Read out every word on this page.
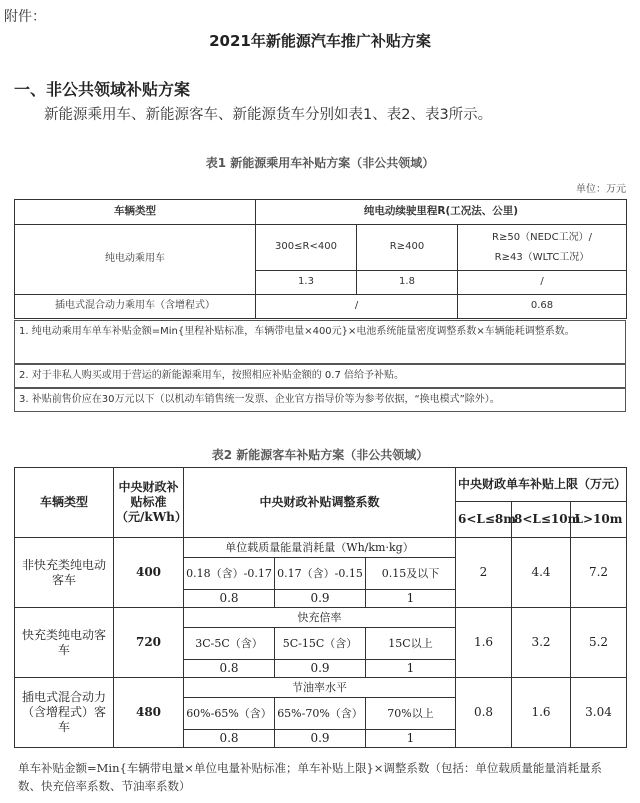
附件：
2021年新能源汽车推广补贴方案
一、非公共领域补贴方案
新能源乘用车、新能源客车、新能源货车分别如表1、表2、表3所示。
表1 新能源乘用车补贴方案（非公共领域）
单位：万元
车辆类型	纯电动续驶里程R(工况法、公里)		
纯电动乘用车	300≤R<400	R≥400	R≥50（NEDC工况）/
R≥43（WLTC工况）

	1.3	1.8	/
插电式混合动力乘用车（含增程式）	/		0.68
1. 纯电动乘用车单车补贴金额=Min{里程补贴标准，车辆带电量×400元}×电池系统能量密度调整系数×车辆能耗调整系数。
2. 对于非私人购买或用于营运的新能源乘用车，按照相应补贴金额的 0.7 倍给予补贴。
3. 补贴前售价应在30万元以下（以机动车销售统一发票、企业官方指导价等为参考依据，“换电模式”除外）。
表2 新能源客车补贴方案（非公共领域）
车辆类型	中央财政补贴标准（元/kWh）	中央财政补贴调整系数			中央财政单车补贴上限（万元）		
					6<L≤8m	8<L≤10m	L>10m
非快充类纯电动客车	400	单位载质量能量消耗量（Wh/km·kg）			2	4.4	7.2
		0.18（含）-0.17	0.17（含）-0.15	0.15及以下			
		0.8	0.9	1			
快充类纯电动客车	720	快充倍率			1.6	3.2	5.2
		3C-5C（含）	5C-15C（含）	15C以上			
		0.8	0.9	1			
插电式混合动力（含增程式）客车	480	节油率水平			0.8	1.6	3.04
		60%-65%（含）	65%-70%（含）	70%以上			
		0.8	0.9	1			
单车补贴金额=Min{车辆带电量×单位电量补贴标准；单车补贴上限}×调整系数（包括：单位载质量能量消耗量系数、快充倍率系数、节油率系数）
